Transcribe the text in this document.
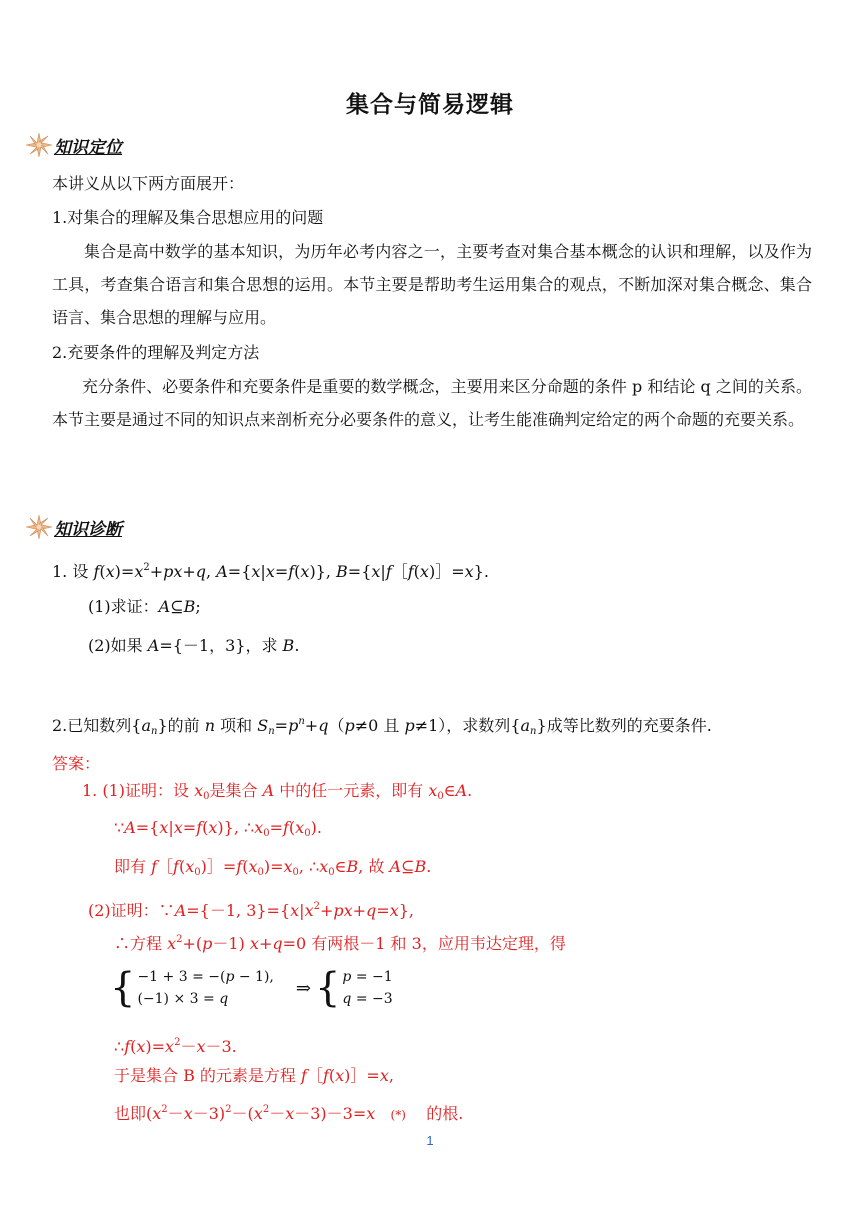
集合与简易逻辑
知识定位
本讲义从以下两方面展开：
1.对集合的理解及集合思想应用的问题
集合是高中数学的基本知识，为历年必考内容之一，主要考查对集合基本概念的认识和理解，以及作为工具，考查集合语言和集合思想的运用。本节主要是帮助考生运用集合的观点，不断加深对集合概念、集合语言、集合思想的理解与应用。
2.充要条件的理解及判定方法
充分条件、必要条件和充要条件是重要的数学概念，主要用来区分命题的条件 p 和结论 q 之间的关系。本节主要是通过不同的知识点来剖析充分必要条件的意义，让考生能准确判定给定的两个命题的充要关系。
知识诊断
1. 设 $f(x)=x^2+px+q$, A={x|x=f(x)}, B={x|f［f(x)］=x}.
(1)求证：A⊆B;
(2)如果 A={－1，3}，求 B.
2.已知数列$\{a_n\}$的前 n 项和 $S_n=p^n+q(p\ne 0$ 且 p≠1），求数列$\{a_n\}$成等比数列的充要条件.
答案：
1. (1)证明：设 $x_0$是集合 A 中的任一元素，即有 $x_0\in A$.
∵A={x|x=f(x)}, $\therefore x_0=f(x_0)$.
即有 $f[f(x_0)]=f(x_0)=x_0$, $\therefore x_0\in B$, 故 A⊆B.
(2)证明：∵A={－1, $3\}=\{x|x^2+px+q=x\}$,
∴方程 $x^2+(p-1)$ x+q=0 有两根－1 和 3，应用韦达定理，得
{ −1 + 3 = −(p − 1),
(−1) × 3 = q
⇒ { p = −1
q = −3
$\therefore f(x)=x^2-x-3$.
于是集合 B 的元素是方程 f［f(x)］=x,
也即$(x^2-x-3)^2-(x^2-x-3)-3=x$ (*) 的根.
1
